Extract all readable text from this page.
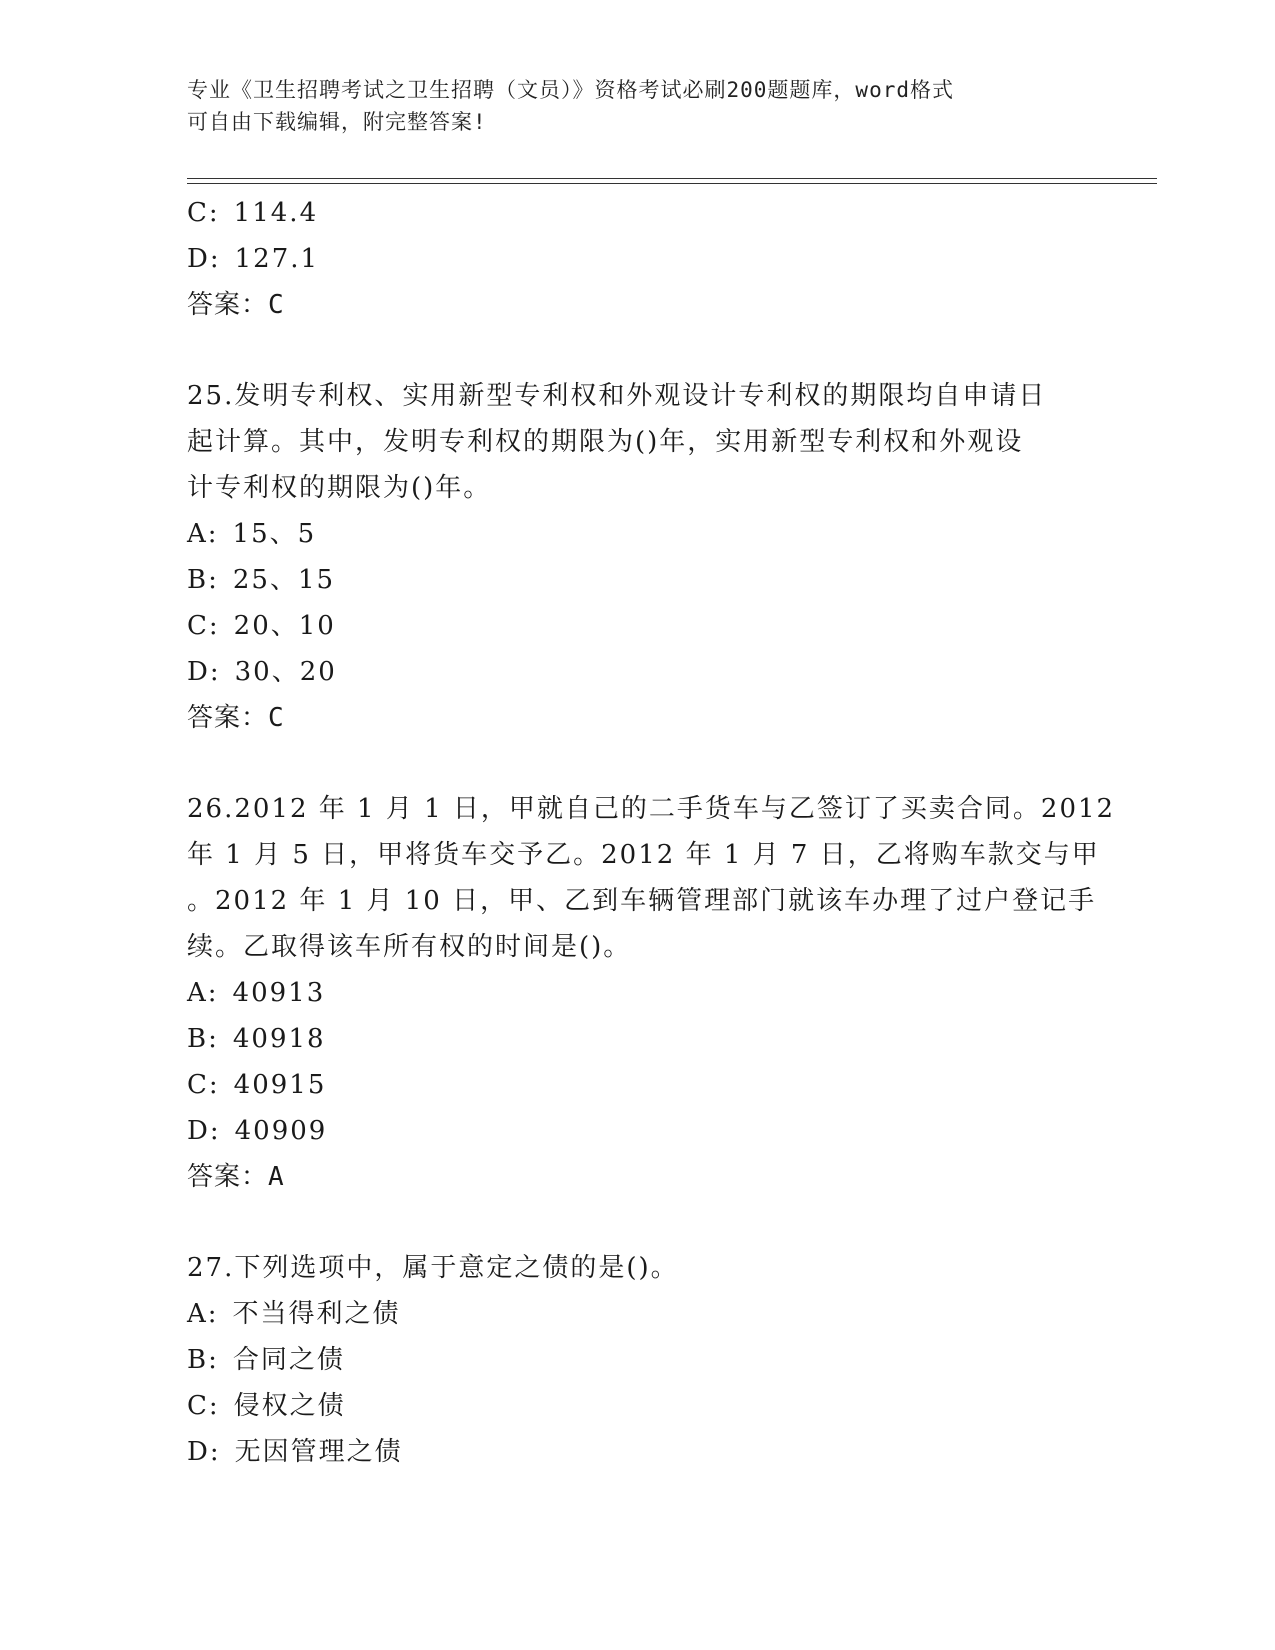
专业《卫生招聘考试之卫生招聘（文员）》资格考试必刷200题题库，word格式
可自由下载编辑，附完整答案!
C: 114.4
D: 127.1
答案：C
25.发明专利权、实用新型专利权和外观设计专利权的期限均自申请日
起计算。其中，发明专利权的期限为()年，实用新型专利权和外观设
计专利权的期限为()年。
A: 15、5
B: 25、15
C: 20、10
D: 30、20
答案：C
26.2012 年 1 月 1 日，甲就自己的二手货车与乙签订了买卖合同。2012
年 1 月 5 日，甲将货车交予乙。2012 年 1 月 7 日，乙将购车款交与甲
。2012 年 1 月 10 日，甲、乙到车辆管理部门就该车办理了过户登记手
续。乙取得该车所有权的时间是()。
A: 40913
B: 40918
C: 40915
D: 40909
答案：A
27.下列选项中，属于意定之债的是()。
A: 不当得利之债
B: 合同之债
C: 侵权之债
D: 无因管理之债
